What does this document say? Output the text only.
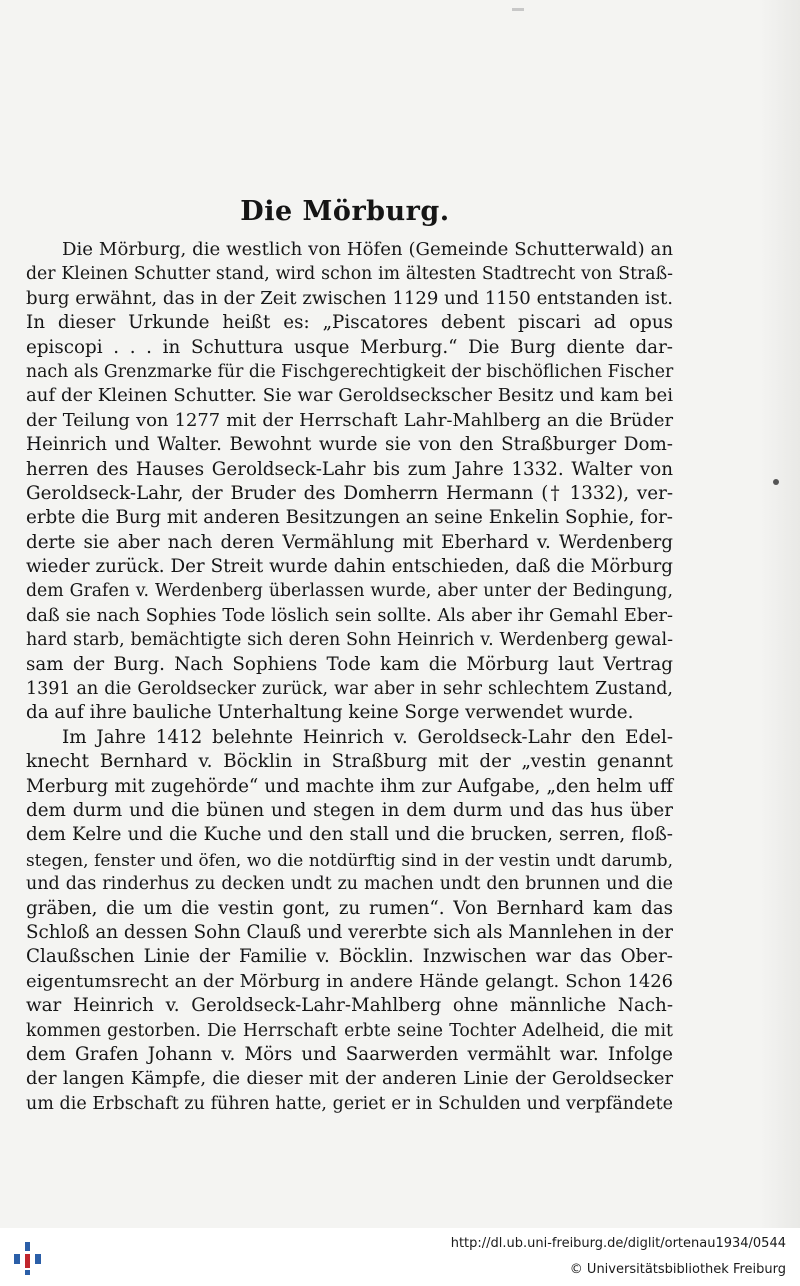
Die Mörburg.
Die Mörburg, die westlich von Höfen (Gemeinde Schutterwald) an
der Kleinen Schutter stand, wird schon im ältesten Stadtrecht von Straß-
burg erwähnt, das in der Zeit zwischen 1129 und 1150 entstanden ist.
In dieser Urkunde heißt es: „Piscatores debent piscari ad opus
episcopi . . . in Schuttura usque Merburg.“ Die Burg diente dar-
nach als Grenzmarke für die Fischgerechtigkeit der bischöflichen Fischer
auf der Kleinen Schutter. Sie war Geroldseckscher Besitz und kam bei
der Teilung von 1277 mit der Herrschaft Lahr-Mahlberg an die Brüder
Heinrich und Walter. Bewohnt wurde sie von den Straßburger Dom-
herren des Hauses Geroldseck-Lahr bis zum Jahre 1332. Walter von
Geroldseck-Lahr, der Bruder des Domherrn Hermann († 1332), ver-
erbte die Burg mit anderen Besitzungen an seine Enkelin Sophie, for-
derte sie aber nach deren Vermählung mit Eberhard v. Werdenberg
wieder zurück. Der Streit wurde dahin entschieden, daß die Mörburg
dem Grafen v. Werdenberg überlassen wurde, aber unter der Bedingung,
daß sie nach Sophies Tode löslich sein sollte. Als aber ihr Gemahl Eber-
hard starb, bemächtigte sich deren Sohn Heinrich v. Werdenberg gewal-
sam der Burg. Nach Sophiens Tode kam die Mörburg laut Vertrag
1391 an die Geroldsecker zurück, war aber in sehr schlechtem Zustand,
da auf ihre bauliche Unterhaltung keine Sorge verwendet wurde.
Im Jahre 1412 belehnte Heinrich v. Geroldseck-Lahr den Edel-
knecht Bernhard v. Böcklin in Straßburg mit der „vestin genannt
Merburg mit zugehörde“ und machte ihm zur Aufgabe, „den helm uff
dem durm und die bünen und stegen in dem durm und das hus über
dem Kelre und die Kuche und den stall und die brucken, serren, floß-
stegen, fenster und öfen, wo die notdürftig sind in der vestin undt darumb,
und das rinderhus zu decken undt zu machen undt den brunnen und die
gräben, die um die vestin gont, zu rumen“. Von Bernhard kam das
Schloß an dessen Sohn Clauß und vererbte sich als Mannlehen in der
Claußschen Linie der Familie v. Böcklin. Inzwischen war das Ober-
eigentumsrecht an der Mörburg in andere Hände gelangt. Schon 1426
war Heinrich v. Geroldseck-Lahr-Mahlberg ohne männliche Nach-
kommen gestorben. Die Herrschaft erbte seine Tochter Adelheid, die mit
dem Grafen Johann v. Mörs und Saarwerden vermählt war. Infolge
der langen Kämpfe, die dieser mit der anderen Linie der Geroldsecker
um die Erbschaft zu führen hatte, geriet er in Schulden und verpfändete
http://dl.ub.uni-freiburg.de/diglit/ortenau1934/0544
© Universitätsbibliothek Freiburg
